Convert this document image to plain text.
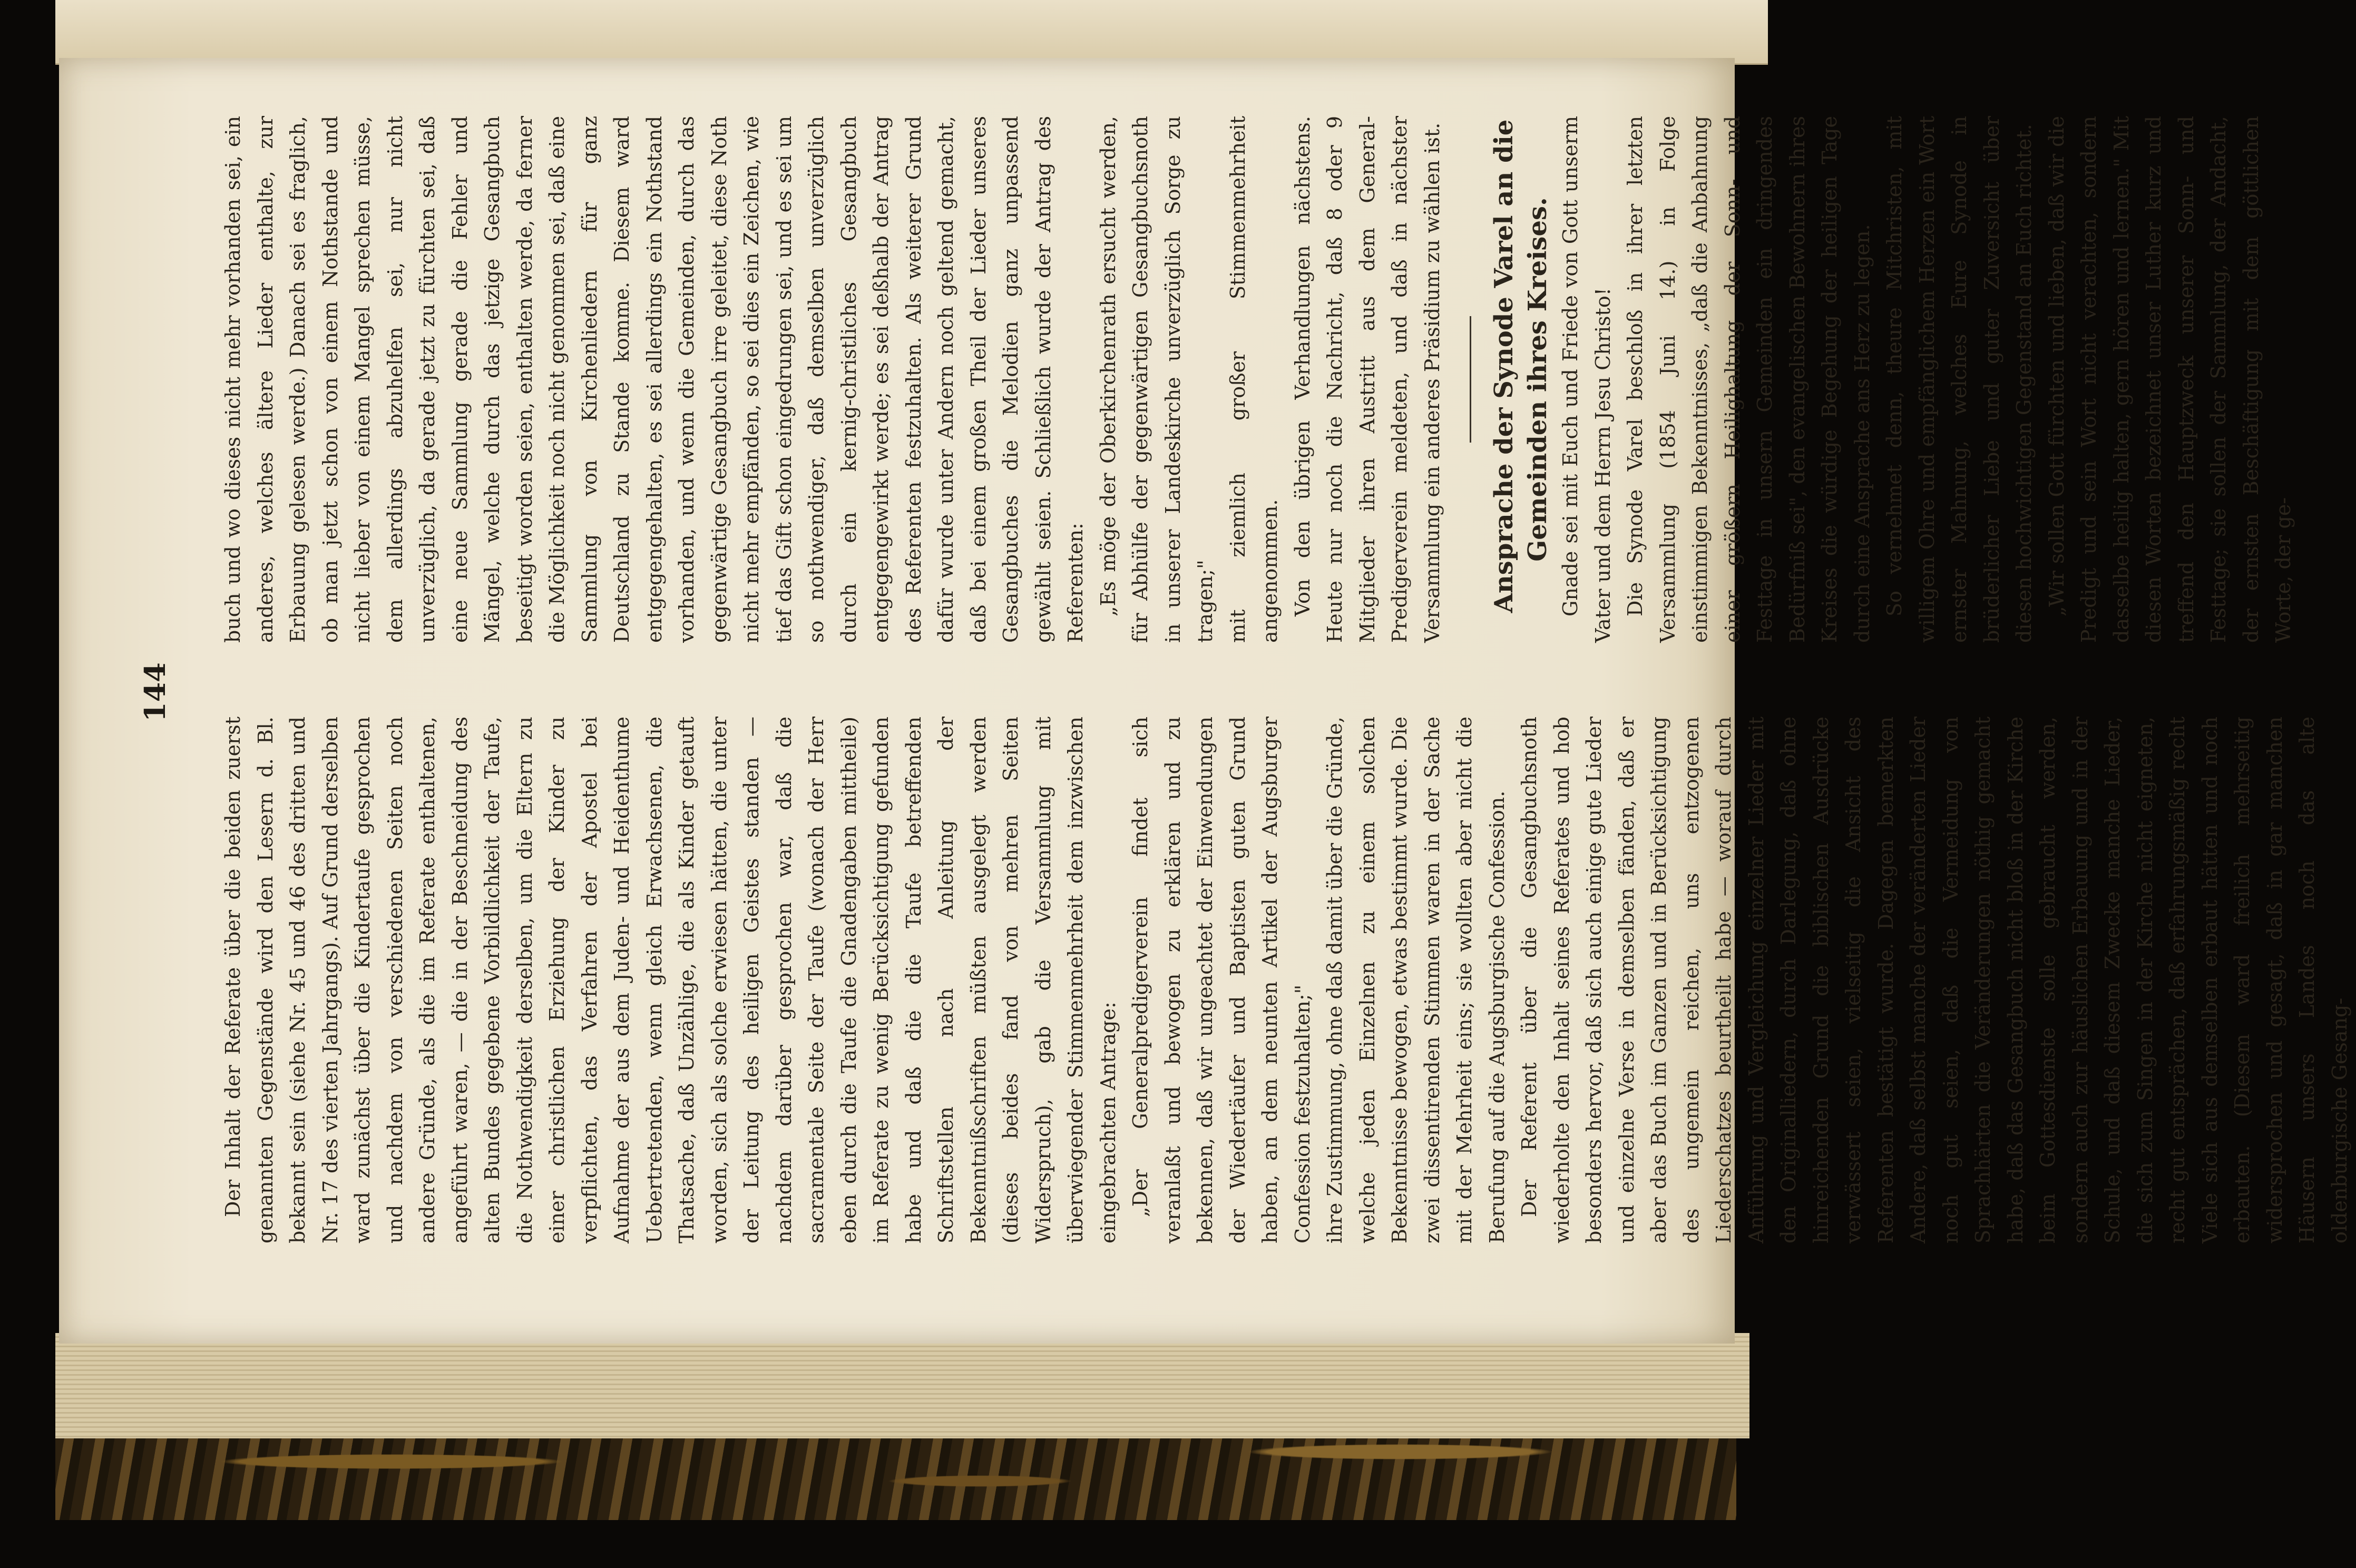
144

Der Inhalt der Referate über die beiden zuerst genannten Gegenstände wird den Lesern d. Bl. bekannt sein (siehe Nr. 45 und 46 des dritten und Nr. 17 des vierten Jahrgangs). Auf Grund derselben ward zunächst über die Kindertaufe gesprochen und nachdem von verschiedenen Seiten noch andere Gründe, als die im Referate enthaltenen, angeführt waren, — die in der Beschneidung des alten Bundes gegebene Vorbildlichkeit der Taufe, die Nothwendigkeit derselben, um die Eltern zu einer christlichen Erziehung der Kinder zu verpflichten, das Verfahren der Apostel bei Aufnahme der aus dem Juden- und Heidenthume Uebertretenden, wenn gleich Erwachsenen, die Thatsache, daß Unzählige, die als Kinder getauft worden, sich als solche erwiesen hätten, die unter der Leitung des heiligen Geistes standen — nachdem darüber gesprochen war, daß die sacramentale Seite der Taufe (wonach der Herr eben durch die Taufe die Gnadengaben mittheile) im Referate zu wenig Berücksichtigung gefunden habe und daß die die Taufe betreffenden Schriftstellen nach Anleitung der Bekenntnißschriften müßten ausgelegt werden (dieses beides fand von mehren Seiten Widerspruch), gab die Versammlung mit überwiegender Stimmenmehrheit dem inzwischen eingebrachten Antrage: „Der Generalpredigerverein findet sich veranlaßt und bewogen zu erklären und zu bekennen, daß wir ungeachtet der Einwendungen der Wiedertäufer und Baptisten guten Grund haben, an dem neunten Artikel der Augsburger Confession festzuhalten;" ihre Zustimmung, ohne daß damit über die Gründe, welche jeden Einzelnen zu einem solchen Bekenntnisse bewogen, etwas bestimmt wurde. Die zwei dissentirenden Stimmen waren in der Sache mit der Mehrheit eins; sie wollten aber nicht die Berufung auf die Augsburgische Confession. Der Referent über die Gesangbuchsnoth wiederholte den Inhalt seines Referates und hob besonders hervor, daß sich auch einige gute Lieder und einzelne Verse in demselben fänden, daß er aber das Buch im Ganzen und in Berücksichtigung des ungemein reichen, uns entzogenen Liederschatzes beurtheilt habe — worauf durch Anführung und Vergleichung einzelner Lieder mit den Originalliedern, durch Darlegung, daß ohne hinreichenden Grund die biblischen Ausdrücke verwässert seien, vielseitig die Ansicht des Referenten bestätigt wurde. Dagegen bemerkten Andere, daß selbst manche der veränderten Lieder noch gut seien, daß die Vermeidung von Sprachhärten die Veränderungen nöthig gemacht habe, daß das Gesangbuch nicht bloß in der Kirche beim Gottesdienste solle gebraucht werden, sondern auch zur häuslichen Erbauung und in der Schule, und daß diesem Zwecke manche Lieder, die sich zum Singen in der Kirche nicht eigneten, recht gut entsprächen, daß erfahrungsmäßig recht Viele sich aus demselben erbaut hätten und noch erbauten. (Diesem ward freilich mehrseitig widersprochen und gesagt, daß in gar manchen Häusern unsers Landes noch das alte oldenburgische Gesang-

buch und wo dieses nicht mehr vorhanden sei, ein anderes, welches ältere Lieder enthalte, zur Erbauung gelesen werde.) Danach sei es fraglich, ob man jetzt schon von einem Nothstande und nicht lieber von einem Mangel sprechen müsse, dem allerdings abzuhelfen sei, nur nicht unverzüglich, da gerade jetzt zu fürchten sei, daß eine neue Sammlung gerade die Fehler und Mängel, welche durch das jetzige Gesangbuch beseitigt worden seien, enthalten werde, da ferner die Möglichkeit noch nicht genommen sei, daß eine Sammlung von Kirchenliedern für ganz Deutschland zu Stande komme. Diesem ward entgegengehalten, es sei allerdings ein Nothstand vorhanden, und wenn die Gemeinden, durch das gegenwärtige Gesangbuch irre geleitet, diese Noth nicht mehr empfänden, so sei dies ein Zeichen, wie tief das Gift schon eingedrungen sei, und es sei um so nothwendiger, daß demselben unverzüglich durch ein kernig-christliches Gesangbuch entgegengewirkt werde; es sei deßhalb der Antrag des Referenten festzuhalten. Als weiterer Grund dafür wurde unter Andern noch geltend gemacht, daß bei einem großen Theil der Lieder unseres Gesangbuches die Melodien ganz unpassend gewählt seien. Schließlich wurde der Antrag des Referenten: „Es möge der Oberkirchenrath ersucht werden, für Abhülfe der gegenwärtigen Gesangbuchsnoth in unserer Landeskirche unverzüglich Sorge zu tragen;" mit ziemlich großer Stimmenmehrheit angenommen. Von den übrigen Verhandlungen nächstens. Heute nur noch die Nachricht, daß 8 oder 9 Mitglieder ihren Austritt aus dem General-Predigerverein meldeten, und daß in nächster Versammlung ein anderes Präsidium zu wählen ist. Ansprache der Synode Varel an die Gemeinden ihres Kreises. Gnade sei mit Euch und Friede von Gott unserm Vater und dem Herrn Jesu Christo! Die Synode Varel beschloß in ihrer letzten Versammlung (1854 Juni 14.) in Folge einstimmigen Bekenntnisses, „daß die Anbahnung einer größern Heilighaltung der Sonn- und Festtage in unsern Gemeinden ein dringendes Bedürfniß sei", den evangelischen Bewohnern ihres Kreises die würdige Begehung der heiligen Tage durch eine Ansprache ans Herz zu legen. So vernehmet denn, theure Mitchristen, mit willigem Ohre und empfänglichem Herzen ein Wort ernster Mahnung, welches Eure Synode in brüderlicher Liebe und guter Zuversicht über diesen hochwichtigen Gegenstand an Euch richtet. „Wir sollen Gott fürchten und lieben, daß wir die Predigt und sein Wort nicht verachten, sondern dasselbe heilig halten, gern hören und lernen." Mit diesen Worten bezeichnet unser Luther kurz und treffend den Hauptzweck unserer Sonn- und Festtage; sie sollen der Sammlung, der Andacht, der ernsten Beschäftigung mit dem göttlichen Worte, der ge-
